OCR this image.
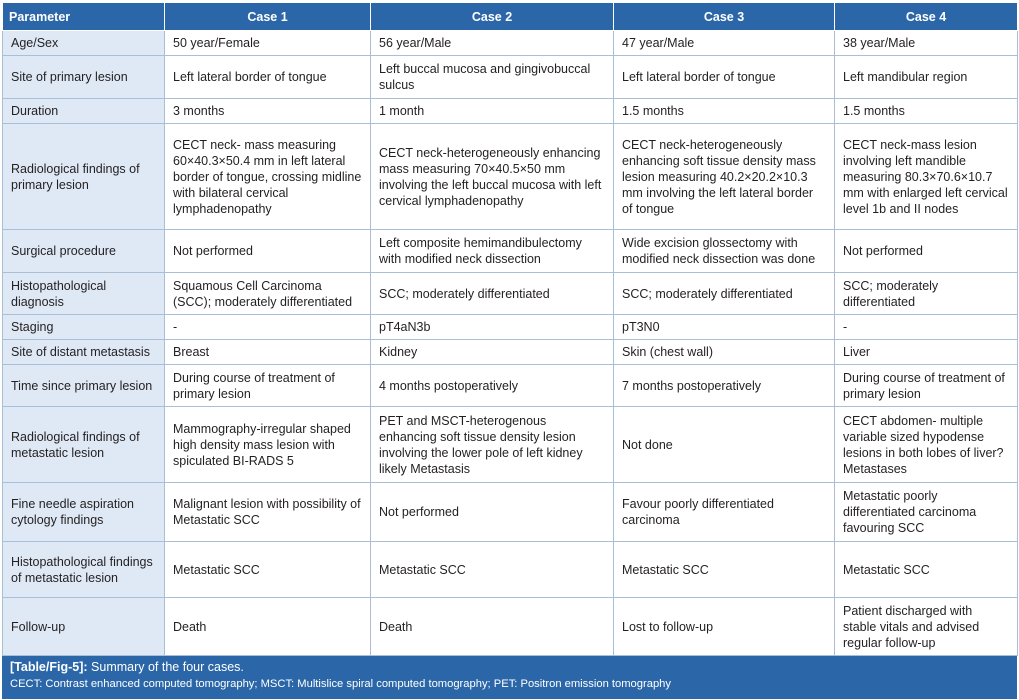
Parameter	Case 1	Case 2	Case 3	Case 4
Age/Sex	50 year/Female	56 year/Male	47 year/Male	38 year/Male
Site of primary lesion	Left lateral border of tongue	Left buccal mucosa and gingivobuccal sulcus	Left lateral border of tongue	Left mandibular region
Duration	3 months	1 month	1.5 months	1.5 months
Radiological findings of primary lesion	CECT neck- mass measuring 60×40.3×50.4 mm in left lateral border of tongue, crossing midline with bilateral cervical lymphadenopathy	CECT neck-heterogeneously enhancing mass measuring 70×40.5×50 mm involving the left buccal mucosa with left cervical lymphadenopathy	CECT neck-heterogeneously enhancing soft tissue density mass lesion measuring 40.2×20.2×10.3 mm involving the left lateral border of tongue	CECT neck-mass lesion involving left mandible measuring 80.3×70.6×10.7 mm with enlarged left cervical level 1b and II nodes
Surgical procedure	Not performed	Left composite hemimandibulectomy with modified neck dissection	Wide excision glossectomy with modified neck dissection was done	Not performed
Histopathological diagnosis	Squamous Cell Carcinoma (SCC); moderately differentiated	SCC; moderately differentiated	SCC; moderately differentiated	SCC; moderately differentiated
Staging	-	pT4aN3b	pT3N0	-
Site of distant metastasis	Breast	Kidney	Skin (chest wall)	Liver
Time since primary lesion	During course of treatment of primary lesion	4 months postoperatively	7 months postoperatively	During course of treatment of primary lesion
Radiological findings of metastatic lesion	Mammography-irregular shaped high density mass lesion with spiculated BI-RADS 5	PET and MSCT-heterogenous enhancing soft tissue density lesion involving the lower pole of left kidney likely Metastasis	Not done	CECT abdomen- multiple variable sized hypodense lesions in both lobes of liver? Metastases
Fine needle aspiration cytology findings	Malignant lesion with possibility of Metastatic SCC	Not performed	Favour poorly differentiated carcinoma	Metastatic poorly differentiated carcinoma favouring SCC
Histopathological findings of metastatic lesion	Metastatic SCC	Metastatic SCC	Metastatic SCC	Metastatic SCC
Follow-up	Death	Death	Lost to follow-up	Patient discharged with stable vitals and advised regular follow-up
[Table/Fig-5]: Summary of the four cases.
CECT: Contrast enhanced computed tomography; MSCT: Multislice spiral computed tomography; PET: Positron emission tomography
